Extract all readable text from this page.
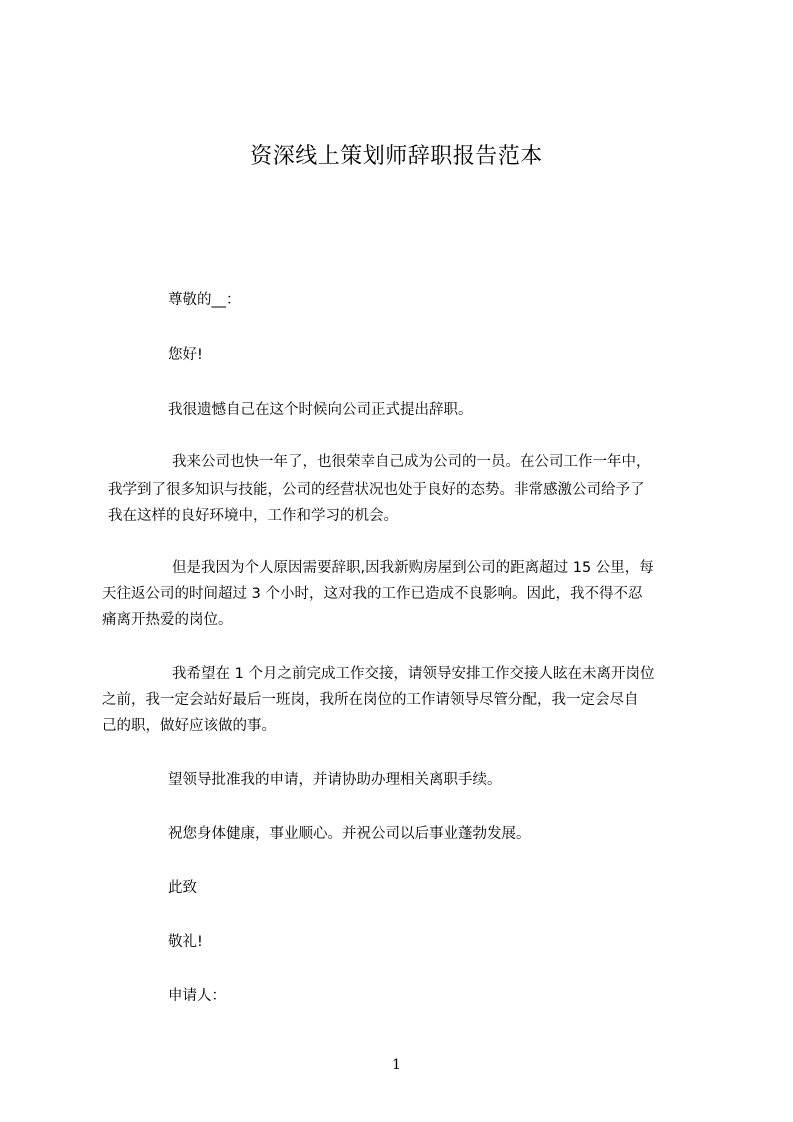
资深线上策划师辞职报告范本
尊敬的__：
您好!
我很遗憾自己在这个时候向公司正式提出辞职。
我来公司也快一年了，也很荣幸自己成为公司的一员。在公司工作一年中，
我学到了很多知识与技能，公司的经营状况也处于良好的态势。非常感激公司给予了
我在这样的良好环境中，工作和学习的机会。
但是我因为个人原因需要辞职,因我新购房屋到公司的距离超过 15 公里，每
天往返公司的时间超过 3 个小时，这对我的工作已造成不良影响。因此，我不得不忍
痛离开热爱的岗位。
我希望在 1 个月之前完成工作交接，请领导安排工作交接人眩在未离开岗位
之前，我一定会站好最后一班岗，我所在岗位的工作请领导尽管分配，我一定会尽自
己的职，做好应该做的事。
望领导批准我的申请，并请协助办理相关离职手续。
祝您身体健康，事业顺心。并祝公司以后事业蓬勃发展。
此致
敬礼!
申请人：
1
